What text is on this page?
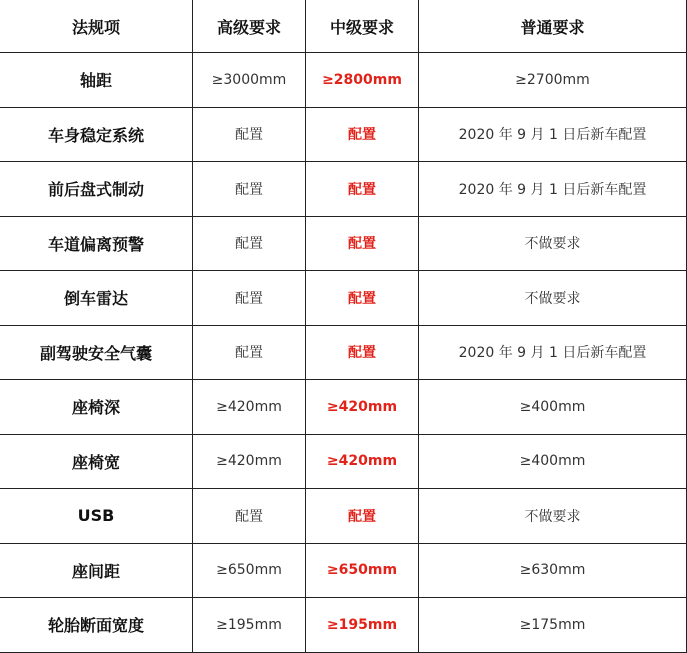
法规项	高级要求	中级要求	普通要求
轴距	≥3000mm	≥2800mm	≥2700mm
车身稳定系统	配置	配置	2020 年 9 月 1 日后新车配置
前后盘式制动	配置	配置	2020 年 9 月 1 日后新车配置
车道偏离预警	配置	配置	不做要求
倒车雷达	配置	配置	不做要求
副驾驶安全气囊	配置	配置	2020 年 9 月 1 日后新车配置
座椅深	≥420mm	≥420mm	≥400mm
座椅宽	≥420mm	≥420mm	≥400mm
USB	配置	配置	不做要求
座间距	≥650mm	≥650mm	≥630mm
轮胎断面宽度	≥195mm	≥195mm	≥175mm
